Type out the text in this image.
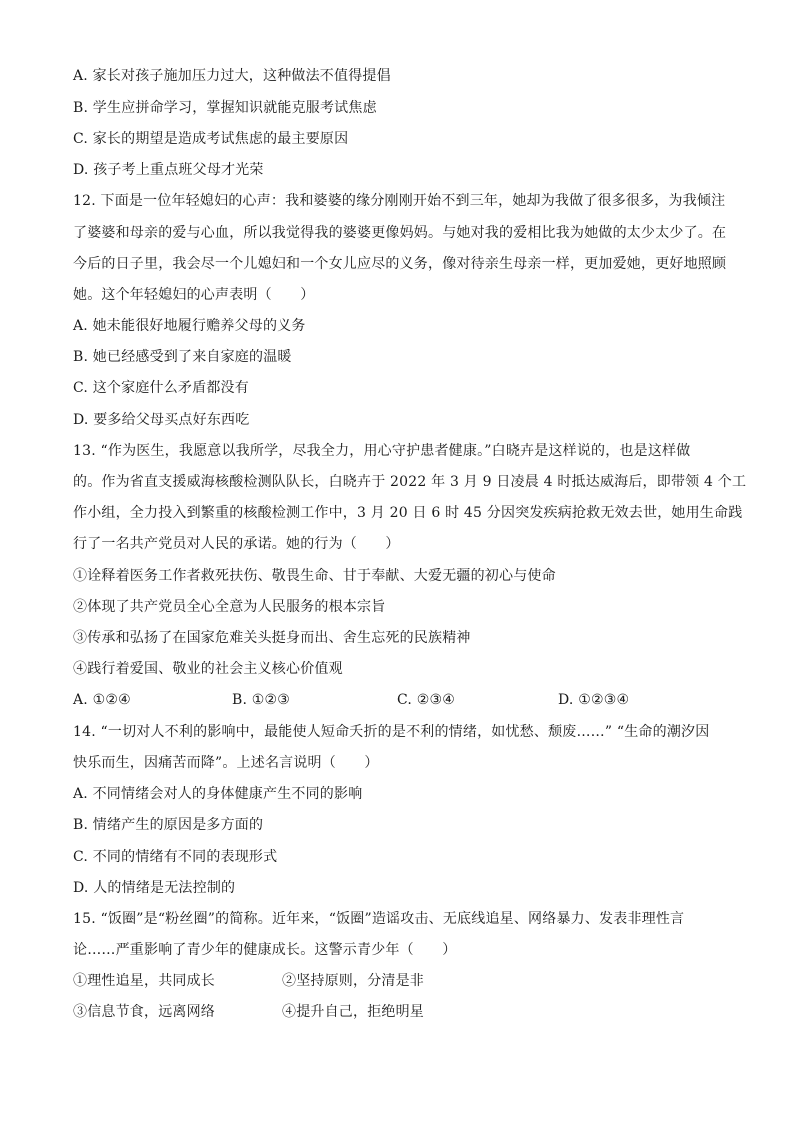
A. 家长对孩子施加压力过大，这种做法不值得提倡
B. 学生应拼命学习，掌握知识就能克服考试焦虑
C. 家长的期望是造成考试焦虑的最主要原因
D. 孩子考上重点班父母才光荣
12. 下面是一位年轻媳妇的心声：我和婆婆的缘分刚刚开始不到三年，她却为我做了很多很多，为我倾注
了婆婆和母亲的爱与心血，所以我觉得我的婆婆更像妈妈。与她对我的爱相比我为她做的太少太少了。在
今后的日子里，我会尽一个儿媳妇和一个女儿应尽的义务，像对待亲生母亲一样，更加爱她，更好地照顾
她。这个年轻媳妇的心声表明（　　）
A. 她未能很好地履行赡养父母的义务
B. 她已经感受到了来自家庭的温暖
C. 这个家庭什么矛盾都没有
D. 要多给父母买点好东西吃
13. “作为医生，我愿意以我所学，尽我全力，用心守护患者健康。”白晓卉是这样说的，也是这样做
的。作为省直支援威海核酸检测队队长，白晓卉于 2022 年 3 月 9 日凌晨 4 时抵达威海后，即带领 4 个工
作小组，全力投入到繁重的核酸检测工作中，3 月 20 日 6 时 45 分因突发疾病抢救无效去世，她用生命践
行了一名共产党员对人民的承诺。她的行为（　　）
①诠释着医务工作者救死扶伤、敬畏生命、甘于奉献、大爱无疆的初心与使命
②体现了共产党员全心全意为人民服务的根本宗旨
③传承和弘扬了在国家危难关头挺身而出、舍生忘死的民族精神
④践行着爱国、敬业的社会主义核心价值观
A. ①②④	B. ①②③	C. ②③④	D. ①②③④
14. “一切对人不利的影响中，最能使人短命夭折的是不利的情绪，如忧愁、颓废……” “生命的潮汐因
快乐而生，因痛苦而降”。上述名言说明（　　）
A. 不同情绪会对人的身体健康产生不同的影响
B. 情绪产生的原因是多方面的
C. 不同的情绪有不同的表现形式
D. 人的情绪是无法控制的
15. “饭圈”是“粉丝圈”的简称。近年来，“饭圈”造谣攻击、无底线追星、网络暴力、发表非理性言
论……严重影响了青少年的健康成长。这警示青少年（　　）
①理性追星，共同成长	②坚持原则，分清是非
③信息节食，远离网络	④提升自己，拒绝明星
